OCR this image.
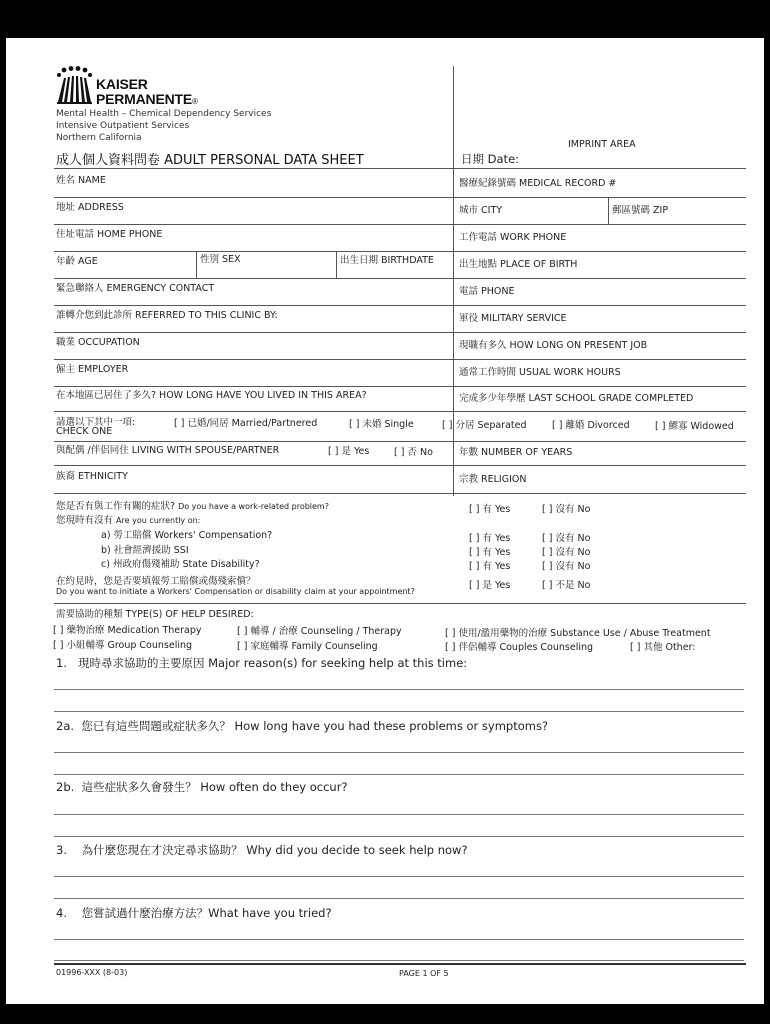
KAISER
PERMANENTE®
Mental Health – Chemical Dependency Services
Intensive Outpatient Services
Northern California
成人個人資料問卷 ADULT PERSONAL DATA SHEET
IMPRINT AREA
日期 Date:
姓名 NAME	醫療紀錄號碼 MEDICAL RECORD #
地址 ADDRESS	城市 CITY	郵區號碼 ZIP
住址電話 HOME PHONE	工作電話 WORK PHONE
年齡 AGE	性別 SEX	出生日期 BIRTHDATE	出生地點 PLACE OF BIRTH
緊急聯絡人 EMERGENCY CONTACT	電話 PHONE
誰轉介您到此診所 REFERRED TO THIS CLINIC BY:	軍役 MILITARY SERVICE
職業 OCCUPATION	現職有多久 HOW LONG ON PRESENT JOB
僱主 EMPLOYER	通常工作時間 USUAL WORK HOURS
在本地區已居住了多久? HOW LONG HAVE YOU LIVED IN THIS AREA?	完成多少年學歷 LAST SCHOOL GRADE COMPLETED
請選以下其中一項:
CHECK ONE
[ ] 已婚/同居 Married/Partnered	[ ] 未婚 Single	[ ] 分居 Separated	[ ] 離婚 Divorced	[ ] 鰥寡 Widowed
與配偶 /伴侶同住 LIVING WITH SPOUSE/PARTNER	[ ] 是 Yes	[ ] 否 No	年數 NUMBER OF YEARS
族裔 ETHNICITY	宗教 RELIGION
您是否有與工作有關的症狀? Do you have a work-related problem?	[ ] 有 Yes	[ ] 沒有 No
您現時有沒有 Are you currently on:
a) 勞工賠償 Workers' Compensation?	[ ] 有 Yes	[ ] 沒有 No
b) 社會經濟援助 SSI	[ ] 有 Yes	[ ] 沒有 No
c) 州政府傷殘補助 State Disability?	[ ] 有 Yes	[ ] 沒有 No
在約見時，您是否要填報勞工賠償或傷殘索償？
Do you want to initiate a Workers' Compensation or disability claim at your appointment?
[ ] 是 Yes	[ ] 不是 No
需要協助的種類 TYPE(S) OF HELP DESIRED:
[ ] 藥物治療 Medication Therapy	[ ] 輔導 / 治療 Counseling / Therapy	[ ] 使用/濫用藥物的治療 Substance Use / Abuse Treatment
[ ] 小組輔導 Group Counseling	[ ] 家庭輔導 Family Counseling	[ ] 伴侶輔導 Couples Counseling	[ ] 其他 Other:
1. 現時尋求協助的主要原因 Major reason(s) for seeking help at this time:
2a. 您已有這些問題或症狀多久？ How long have you had these problems or symptoms?
2b. 這些症狀多久會發生？ How often do they occur?
3. 為什麼您現在才決定尋求協助？ Why did you decide to seek help now?
4. 您嘗試過什麼治療方法？What have you tried?
01996-XXX (8-03)	PAGE 1 OF 5
